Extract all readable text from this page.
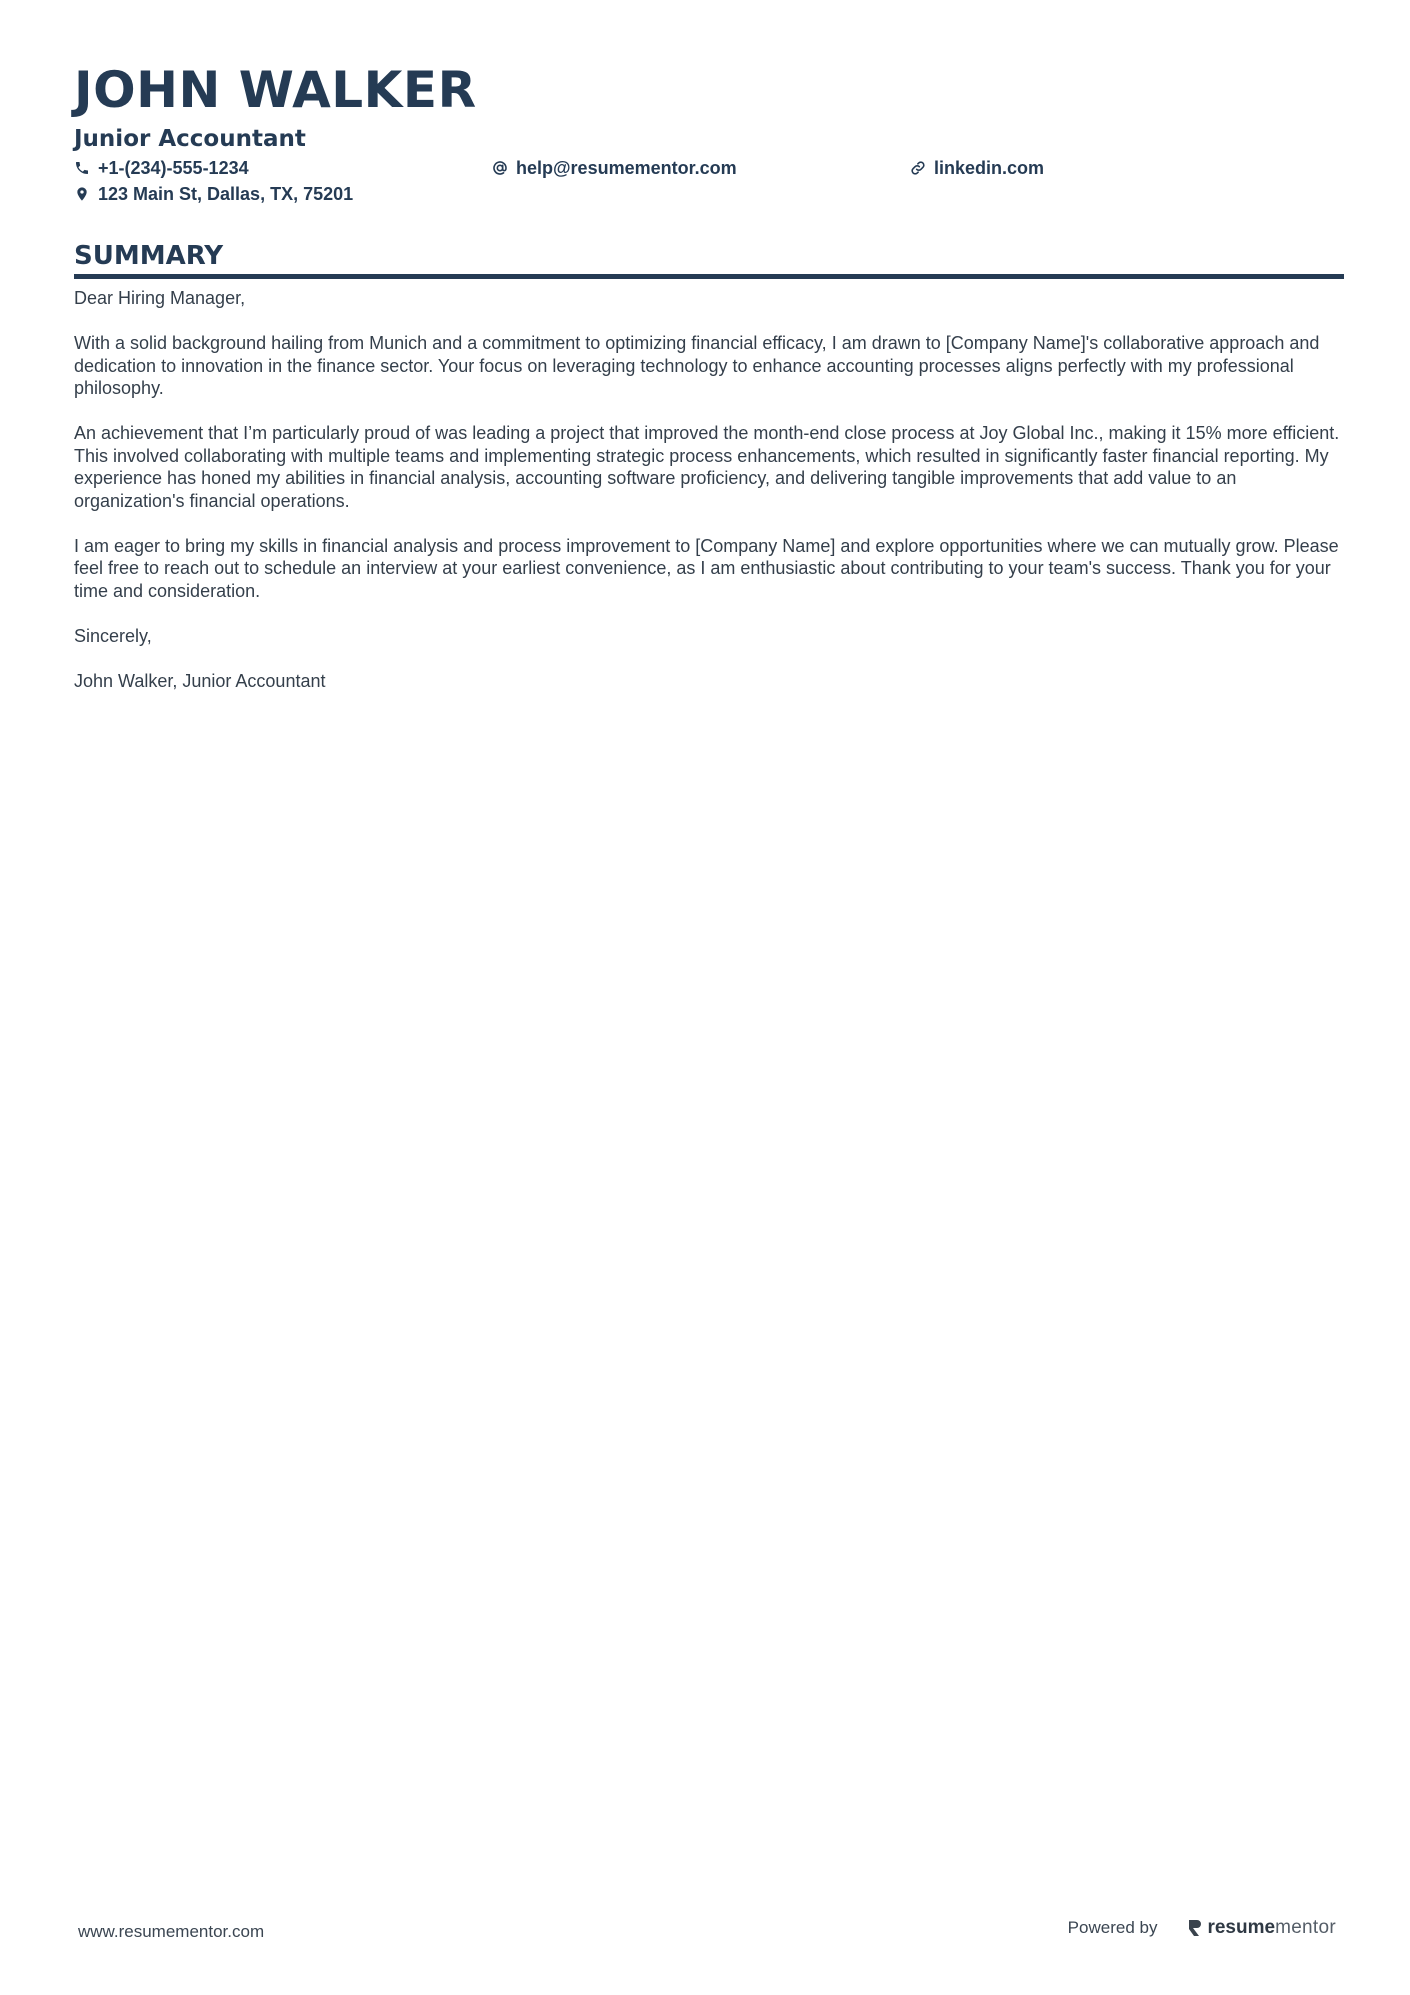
JOHN WALKER
Junior Accountant
+1-(234)-555-1234	help@resumementor.com	linkedin.com
123 Main St, Dallas, TX, 75201
SUMMARY

Dear Hiring Manager,

With a solid background hailing from Munich and a commitment to optimizing financial efficacy, I am drawn to [Company Name]'s collaborative approach and dedication to innovation in the finance sector. Your focus on leveraging technology to enhance accounting processes aligns perfectly with my professional philosophy.

An achievement that I’m particularly proud of was leading a project that improved the month-end close process at Joy Global Inc., making it 15% more efficient. This involved collaborating with multiple teams and implementing strategic process enhancements, which resulted in significantly faster financial reporting. My experience has honed my abilities in financial analysis, accounting software proficiency, and delivering tangible improvements that add value to an organization's financial operations.

I am eager to bring my skills in financial analysis and process improvement to [Company Name] and explore opportunities where we can mutually grow. Please feel free to reach out to schedule an interview at your earliest convenience, as I am enthusiastic about contributing to your team's success. Thank you for your time and consideration.

Sincerely,

John Walker, Junior Accountant

www.resumementor.com	Powered by	resume mentor
